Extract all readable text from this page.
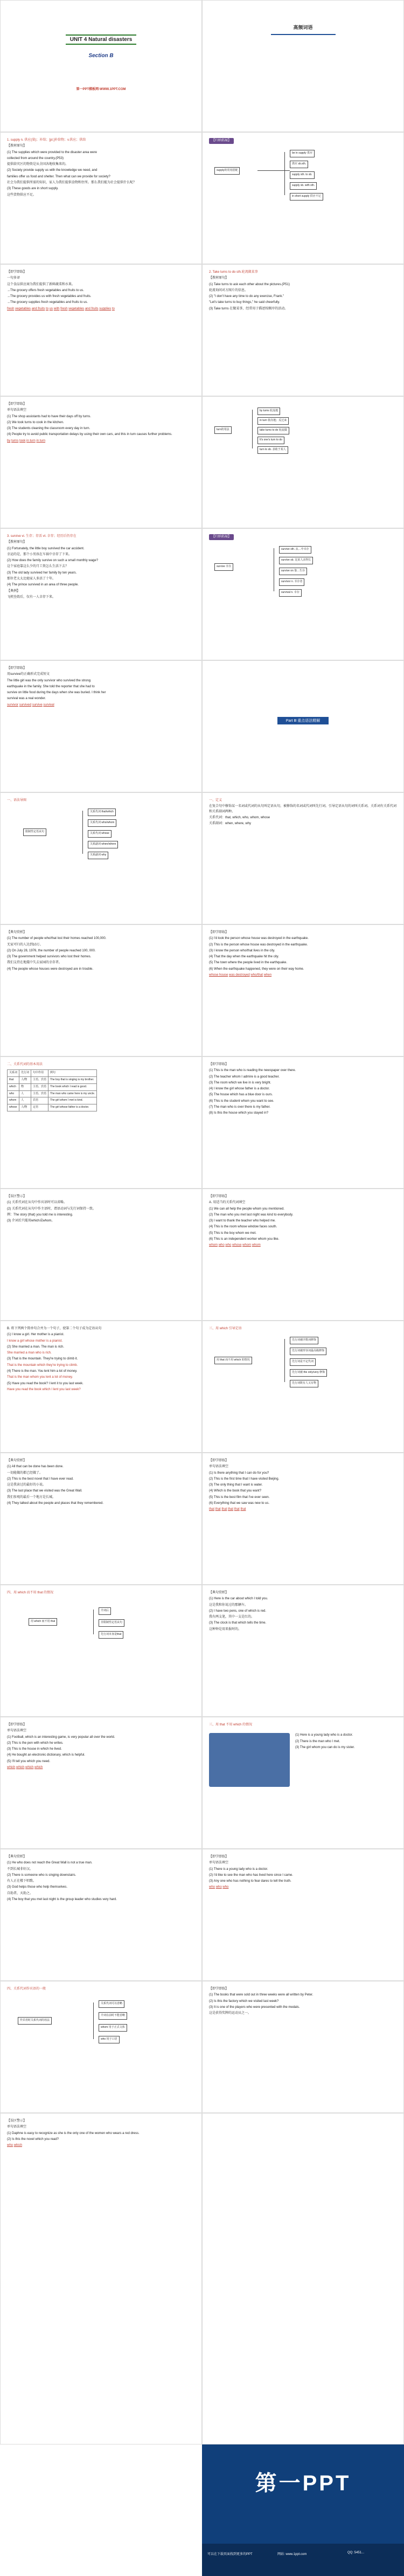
UNIT 4 Natural disasters
Section B
第一PPT模板网-WWW.1PPT.COM
高频词语

1. supply n. 供应(量)；补给；[pl.]补给物；v.供应；供给

【教材原句】

(1) The supplies which were provided to the disaster area were

collected from around the country.(P53)

提供给灾区的物资是从全国各地收集来的。

(2) Society provide supply us with the knowledge we need, and

families offer us food and shelter. Then what can we provide for society?

社会为我们提供所需的知识，家人为我们提供食物和住所。那么我们能为社会提供什么呢？

(3) These goods are in short supply.

这些货物供应不足。

【归纳拓展】
supply的常用搭配
be in supply 供应
供应 sb.sth.
supply sth. to sb.
supply sb. with sth.
in short supply 供应不足

【即学即练】

一句多译

这个食品供应商为我们提供了新鲜蔬菜和水果。

→The grocery offers fresh vegetables and fruits to us.

→The grocery provides us with fresh vegetables and fruits.

→The grocery supplies fresh vegetables and fruits to us.

fresh vegetables and fruits to us with fresh vegetables and fruits supplies to

2. Take turns to do sth.轮流做某事

【教材原句】

(1) Take turns to ask each other about the pictures.(P51)

轮流询问对方图片的信息。

(2) "I don't have any time to do any exercise, Frank."

"Let's take turns to buy things," he said cheerfully.

(3) Take turns 在做某事，经常用于描述按顺序的活动。

【即学即练】

单句语法填空

(1) The shop assistants had to have their days off by turns.

(2) We took turns to cook in the kitchen.

(3) The students cleaning the classroom every day in turn.

(4) People try to avoid public transportation delays by using their own cars, and this in turn causes further problems.

by turns took in turn in turn

turn的用法
by turns 轮流地
in turn 依次地；反过来
take turns to do 轮流做
It's one's turn to do
turn to sb. 求助于某人

3. survive vi. 生存；存活 vt. 幸存；经历后仍存在

【教材原句】

(1) Fortunately, the little boy survived the car accident.

幸运的是，那个小男孩在车祸中幸存了下来。

(2) How does the family survive on such a small monthly wage?

这个家庭靠这么少的月工资怎么生活下去？

(3) The old lady survived her family by ten years.

那位老太太比她家人多活了十年。

(4) The prince survived in an area of three people.

【典例】

飞机坠毁后，仅有一人幸存下来。

【归纳拓展】
survive 幸存
survive sth. 从…中幸存
survive sb. 比某人活得长
survive on 靠…生存
survivor n. 幸存者
survival n. 幸存

【即学即练】

用survive的正确形式完成短文

The little girl was the only survivor who survived the strong

earthquake in the family. She told the reporter that she had to

survive on little food during the days when she was buried. I think her

survival was a real wonder.

survivor survived survive survival

Part Ⅲ 重点语法精解

一、语法导图

限制性定语从句
关系代词 that/which
关系代词 who/whom
关系代词 whose
关系副词 when/where
关系副词 why

一、定义

在复合句中修饰某一名词或代词的从句叫定语从句，被修饰的名词或代词叫先行词。引导定语从句的词叫关系词。关系词有关系代词和关系副词两种。

关系代词：that, which, who, whom, whose

关系副词：when, where, why

【典句赏析】

(1) The number of people who/that lost their homes reached 100,000.

无家可归的人达到10万。

(2) On July 28, 1976, the number of people reached 100, 000.

(3) The government helped survivors who lost their homes.

我们支持在地震中失去家园的幸存者。

(4) The people whose houses were destroyed are in trouble.

【即学即练】

(1) I'd look the person whose house was destroyed in the earthquake.

(2) This is the person whose house was destroyed in the earthquake.

(3) I know the person who/that lives in the city.

(4) That the day when the earthquake hit the city.

(5) The town where the people lived in the earthquake.

(6) When the earthquake happened, they were on their way home.

whose house was destroyed who/that when

二、关系代词的基本用法

关系词	先行词	句中作用	例句
that	人/物	主语、宾语	The boy that is singing is my brother.
which	物	主语、宾语	The book which I read is good.
who	人	主语、宾语	The man who came here is my uncle.
whom	人	宾语	The girl whom I met is kind.
whose	人/物	定语	The girl whose father is a doctor.

【即学即练】

(1) This is the man who is reading the newspaper over there.

(2) The teacher whom I admire is a good teacher.

(3) The room which we live in is very bright.

(4) I know the girl whose father is a doctor.

(5) The house which has a blue door is ours.

(6) This is the student whom you want to see.

(7) The man who is over there is my father.

(8) Is this the house which you stayed in?

【误区警示】

(1) 关系代词在从句中作宾语时可以省略。

(2) 关系代词在从句中作主语时，谓语动词与先行词保持一致。

例：The story (that) you told me is interesting.

(3) 介词后只能用which或whom。

【即学即练】

A. 用适当的关系代词填空

(1) We can all help the people whom you mentioned.

(2) The man who you met last night was kind to everybody.

(3) I want to thank the teacher who helped me.

(4) This is the room whose window faces south.

(5) This is the boy whom we met.

(6) This is an independent worker whom you like.

whom who who whose whom whom

B. 将下列两个简单句合并为一个句子，使第二个句子成为定语从句

(1) I know a girl. Her mother is a pianist.

I know a girl whose mother is a pianist.

(2) She married a man. The man is rich.

She married a man who is rich.

(3) That is the mountain. They're trying to climb it.

That is the mountain which they're trying to climb.

(4) There is the man. You lent him a lot of money.

That is the man whom you lent a lot of money.

(5) Have you read the book? I lent it to you last week.

Have you read the book which I lent you last week?

三、用 which 引导定语

用 that 而不用 which 的情况
先行词被序数词修饰
先行词被形容词最高级修饰
先行词是不定代词
先行词被 the only/very 修饰
先行词既有人又有物

【典句赏析】

(1) All that can be done has been done.

一切能做的都已经做了。

(2) This is the best novel that I have ever read.

这是我读过的最好的小说。

(3) The last place that we visited was the Great Wall.

我们参观的最后一个地方是长城。

(4) They talked about the people and places that they remembered.

【即学即练】

单句语法填空

(1) Is there anything that I can do for you?

(2) This is the first time that I have visited Beijing.

(3) The only thing that I want is water.

(4) Which is the book that you want?

(5) This is the best film that I've ever seen.

(6) Everything that we saw was new to us.

that that that that that that

四、用 which 而不用 that 的情况

用 which 而不用 that
介词后
非限制性定语从句
先行词本身是that

【典句赏析】

(1) Here is the car about which I told you.

这是我和你说过的那辆车。

(2) I have two pens, one of which is red.

我有两支笔，其中一支是红的。

(3) The clock is that which tells the time.

这种钟是用来报时的。

【即学即练】

单句语法填空

(1) Football, which is an interesting game, is very popular all over the world.

(2) This is the pen with which he writes.

(3) This is the house in which he lived.

(4) He bought an electronic dictionary, which is helpful.

(5) I'll tell you which you need.

which which which which

三、用 that 不用 which 的情况

(1) Here is a young lady who is a doctor.

(2) There is the man who I met.

(3) The girl whom you can do is my sister.

【典句赏析】

(1) He who does not reach the Great Wall is not a true man.

不到长城非好汉。

(2) There is someone who is singing downstairs.

有人正在楼下唱歌。

(3) God helps those who help themselves.

自助者，天助之。

(4) The boy that you met last night is the group leader who studies very hard.

【即学即练】

单句语法填空

(1) There is a young lady who is a doctor.

(2) I'd like to see the man who has lived here since I came.

(3) Any one who has nothing to fear dares to tell the truth.

who who who

四、关系代词作宾语的一般

作宾语时关系代词的用法
关系代词可以省略
介词在前时不能省略
whom 用于正式文体
who 用于口语

【即学即练】

(1) The books that were sold out in three weeks were all written by Peter.

(2) Is this the factory which we visited last week?

(3) It is one of the players who were presented with the medals.

这是获得奖牌的运动员之一。

【误区警示】

单句语法填空

(1) Daphne is easy to recognize as she is the only one of the women who wears a red dress.

(2) Is this the novel which you read?

who which

第一PPT
可以在下载页面找到更多的PPT	网站: www.1ppt.com	QQ: 5451...
